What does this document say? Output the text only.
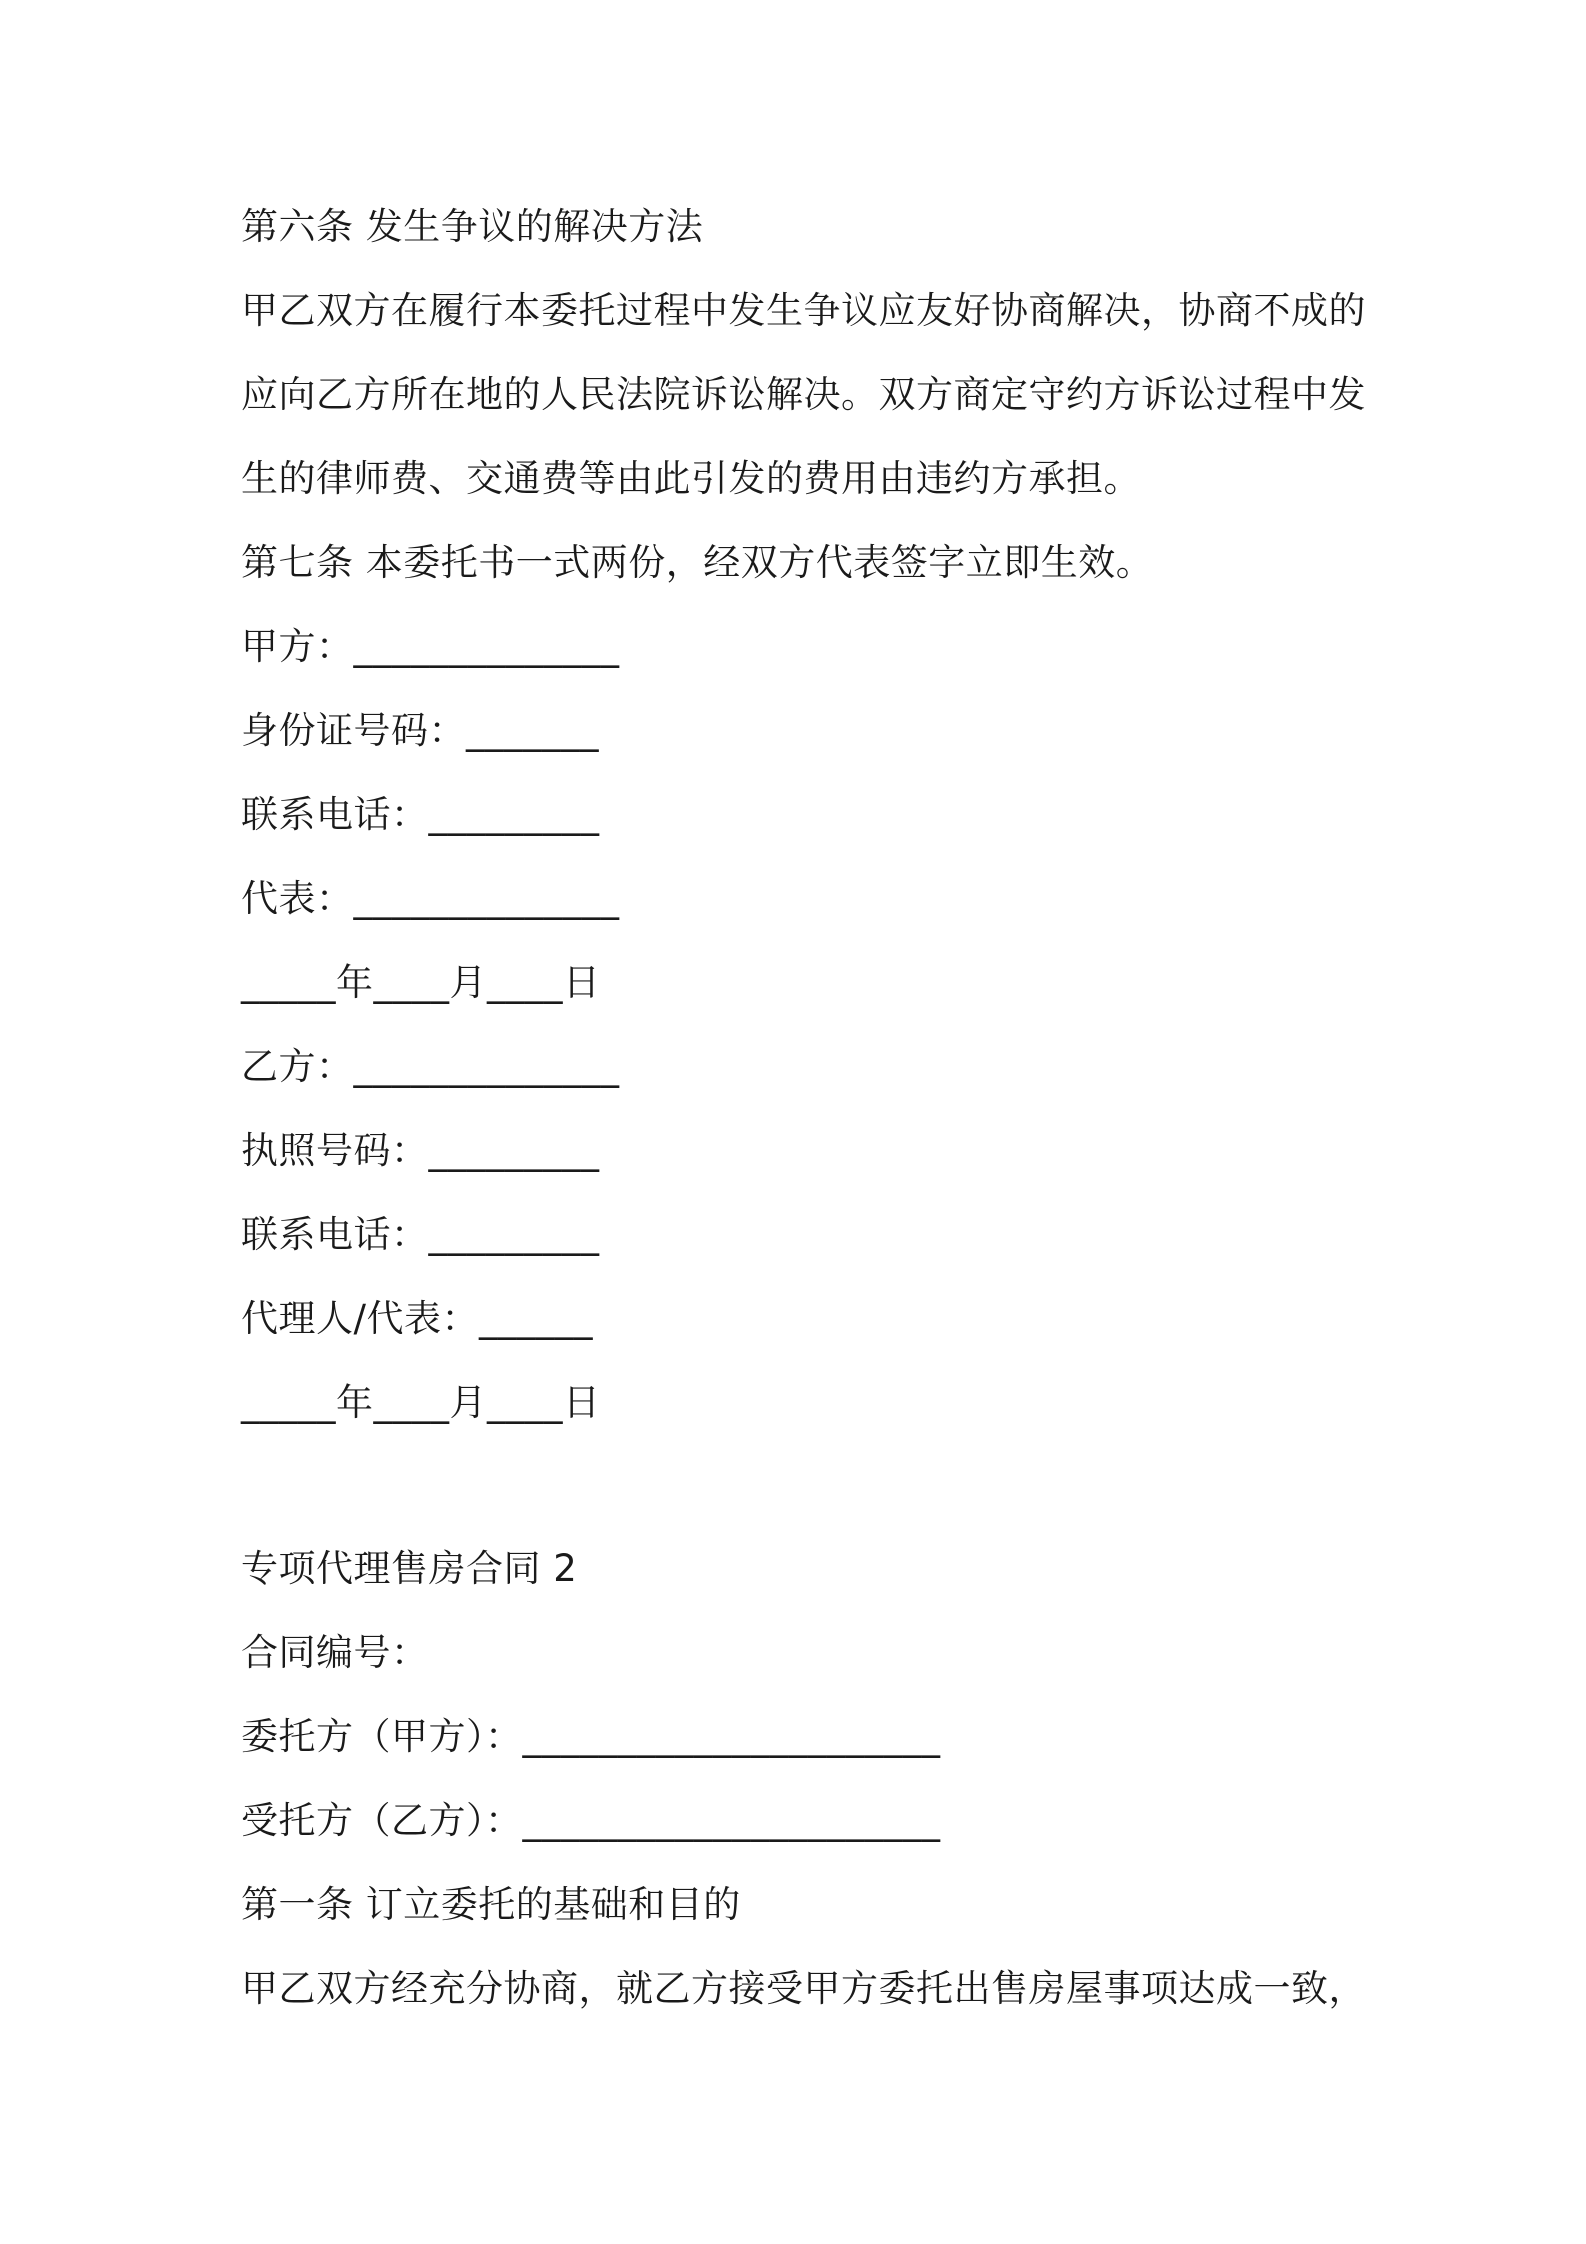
第六条 发生争议的解决方法
甲乙双方在履行本委托过程中发生争议应友好协商解决，协商不成的
应向乙方所在地的人民法院诉讼解决。双方商定守约方诉讼过程中发
生的律师费、交通费等由此引发的费用由违约方承担。
第七条 本委托书一式两份，经双方代表签字立即生效。
甲方：______________
身份证号码：_______
联系电话：_________
代表：______________
_____年____月____日
乙方：______________
执照号码：_________
联系电话：_________
代理人/代表：______
_____年____月____日
专项代理售房合同 2
合同编号：
委托方（甲方）：______________________
受托方（乙方）：______________________
第一条 订立委托的基础和目的
甲乙双方经充分协商，就乙方接受甲方委托出售房屋事项达成一致，
